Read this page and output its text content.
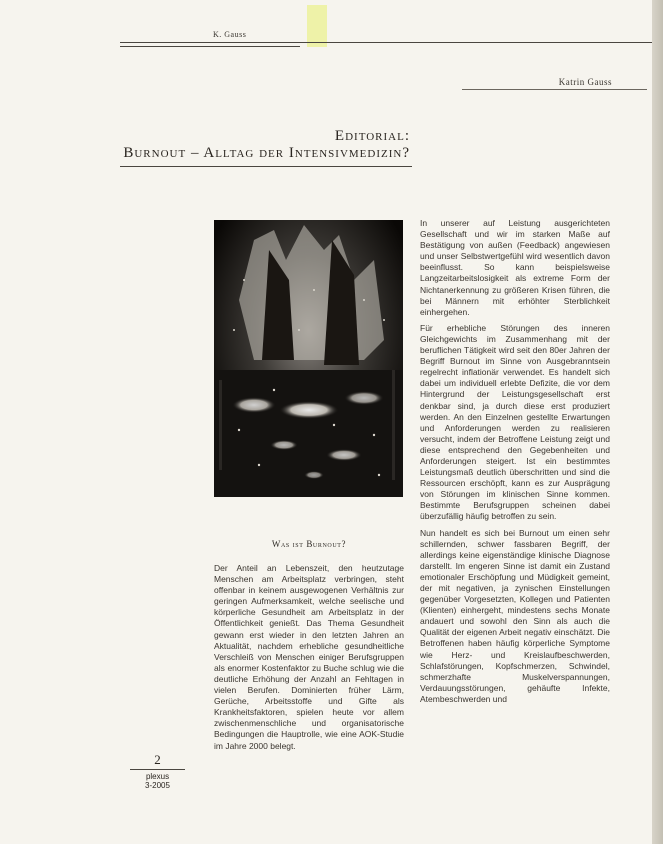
K. Gauss
Katrin Gauss
Editorial:
Burnout – Alltag der Intensivmedizin?
Was ist Burnout?

Der Anteil an Lebenszeit, den heutzutage Menschen am Arbeitsplatz verbringen, steht offenbar in keinem ausgewogenen Verhältnis zur geringen Aufmerksamkeit, welche seelische und körperliche Gesundheit am Arbeitsplatz in der Öffentlichkeit genießt. Das Thema Gesundheit gewann erst wieder in den letzten Jahren an Aktualität, nachdem erhebliche gesundheitliche Verschleiß von Menschen einiger Berufsgruppen als enormer Kostenfaktor zu Buche schlug wie die deutliche Erhöhung der Anzahl an Fehltagen in vielen Berufen. Dominierten früher Lärm, Gerüche, Arbeitsstoffe und Gifte als Krankheitsfaktoren, spielen heute vor allem zwischenmenschliche und organisatorische Bedingungen die Hauptrolle, wie eine AOK-Studie im Jahre 2000 belegt.

In unserer auf Leistung ausgerichteten Gesellschaft und wir im starken Maße auf Bestätigung von außen (Feedback) angewiesen und unser Selbstwertgefühl wird wesentlich davon beeinflusst. So kann beispielsweise Langzeitarbeitslosigkeit als extreme Form der Nichtanerkennung zu größeren Krisen führen, die bei Männern mit erhöhter Sterblichkeit einhergehen.

Für erhebliche Störungen des inneren Gleichgewichts im Zusammenhang mit der beruflichen Tätigkeit wird seit den 80er Jahren der Begriff Burnout im Sinne von Ausgebranntsein regelrecht inflationär verwendet. Es handelt sich dabei um individuell erlebte Defizite, die vor dem Hintergrund der Leistungsgesellschaft erst denkbar sind, ja durch diese erst produziert werden. An den Einzelnen gestellte Erwartungen und Anforderungen werden zu realisieren versucht, indem der Betroffene Leistung zeigt und diese entsprechend den Gegebenheiten und Anforderungen steigert. Ist ein bestimmtes Leistungsmaß deutlich überschritten und sind die Ressourcen erschöpft, kann es zur Ausprägung von Störungen im klinischen Sinne kommen. Bestimmte Berufsgruppen scheinen dabei überzufällig häufig betroffen zu sein.

Nun handelt es sich bei Burnout um einen sehr schillernden, schwer fassbaren Begriff, der allerdings keine eigenständige klinische Diagnose darstellt. Im engeren Sinne ist damit ein Zustand emotionaler Erschöpfung und Müdigkeit gemeint, der mit negativen, ja zynischen Einstellungen gegenüber Vorgesetzten, Kollegen und Patienten (Klienten) einhergeht, mindestens sechs Monate andauert und sowohl den Sinn als auch die Qualität der eigenen Arbeit negativ einschätzt. Die Betroffenen haben häufig körperliche Symptome wie Herz- und Kreislaufbeschwerden, Schlafstörungen, Kopfschmerzen, Schwindel, schmerzhafte Muskelverspannungen, Verdauungsstörungen, gehäufte Infekte, Atembeschwerden und

2
plexus
3-2005
